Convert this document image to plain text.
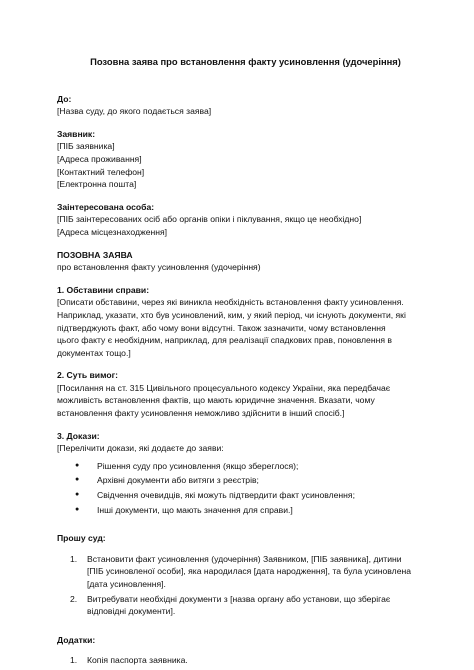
Позовна заява про встановлення факту усиновлення (удочеріння)
До:
[Назва суду, до якого подається заява]
Заявник:
[ПІБ заявника]
[Адреса проживання]
[Контактний телефон]
[Електронна пошта]
Заінтересована особа:
[ПІБ заінтересованих осіб або органів опіки і піклування, якщо це необхідно]
[Адреса місцезнаходження]
ПОЗОВНА ЗАЯВА
про встановлення факту усиновлення (удочеріння)
1. Обставини справи:
[Описати обставини, через які виникла необхідність встановлення факту усиновлення.
Наприклад, указати, хто був усиновлений, ким, у який період, чи існують документи, які
підтверджують факт, або чому вони відсутні. Також зазначити, чому встановлення
цього факту є необхідним, наприклад, для реалізації спадкових прав, поновлення в
документах тощо.]
2. Суть вимог:
[Посилання на ст. 315 Цивільного процесуального кодексу України, яка передбачає
можливість встановлення фактів, що мають юридичне значення. Вказати, чому
встановлення факту усиновлення неможливо здійснити в інший спосіб.]
3. Докази:
[Перелічити докази, які додаєте до заяви:
● Рішення суду про усиновлення (якщо збереглося);
● Архівні документи або витяги з реєстрів;
● Свідчення очевидців, які можуть підтвердити факт усиновлення;
● Інші документи, що мають значення для справи.]
Прошу суд:
1. Встановити факт усиновлення (удочеріння) Заявником, [ПІБ заявника], дитини
[ПІБ усиновленої особи], яка народилася [дата народження], та була усиновлена
[дата усиновлення].
2. Витребувати необхідні документи з [назва органу або установи, що зберігає
відповідні документи].
Додатки:
1. Копія паспорта заявника.
